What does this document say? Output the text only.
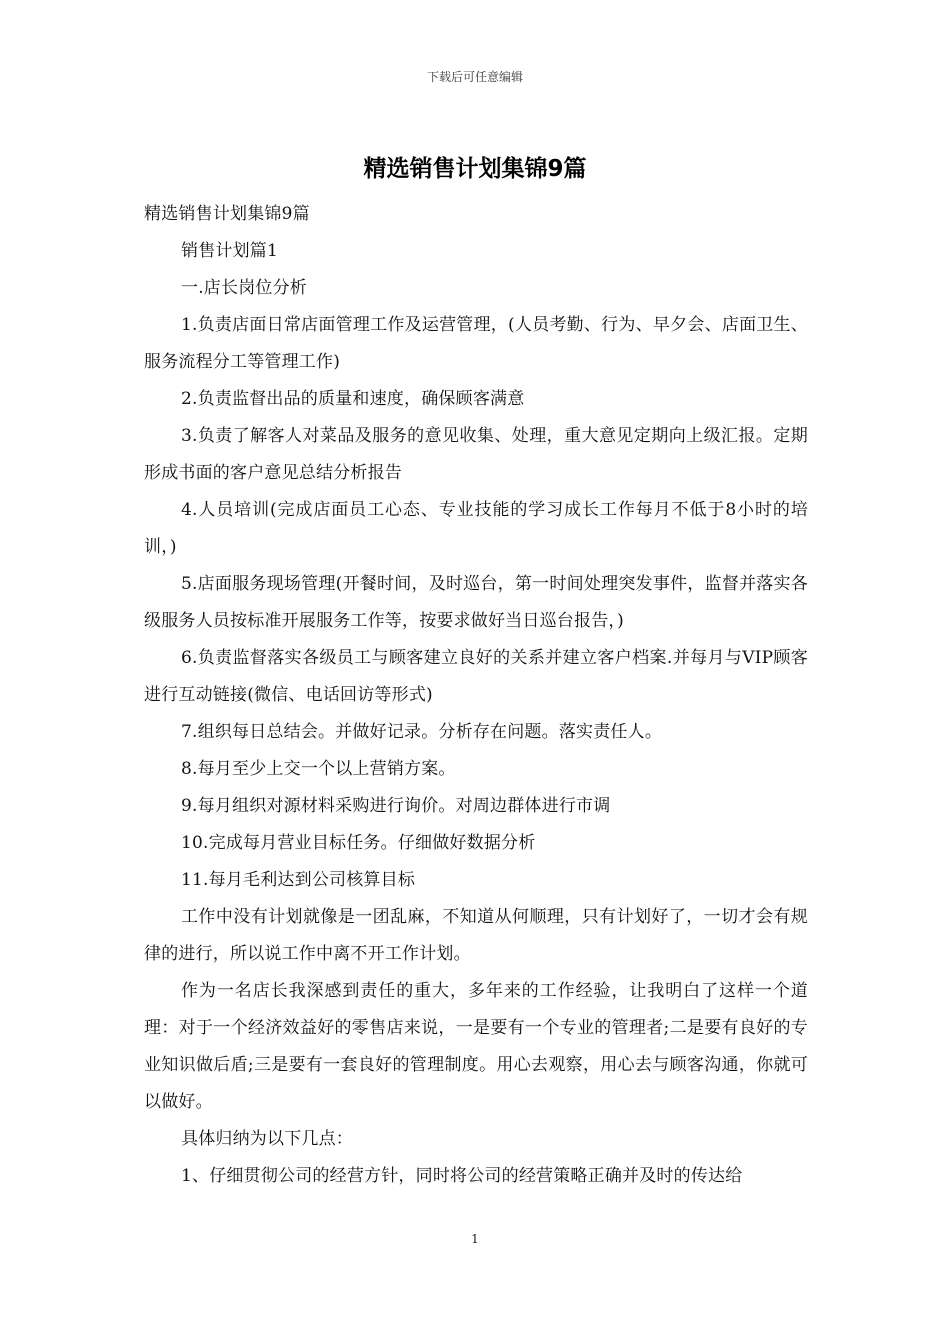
下载后可任意编辑
精选销售计划集锦9篇

精选销售计划集锦9篇

销售计划篇1

一.店长岗位分析

1.负责店面日常店面管理工作及运营管理，(人员考勤、行为、早夕会、店面卫生、服务流程分工等管理工作)

2.负责监督出品的质量和速度，确保顾客满意

3.负责了解客人对菜品及服务的意见收集、处理，重大意见定期向上级汇报。定期形成书面的客户意见总结分析报告

4.人员培训(完成店面员工心态、专业技能的学习成长工作每月不低于8小时的培训，)

5.店面服务现场管理(开餐时间，及时巡台，第一时间处理突发事件，监督并落实各级服务人员按标准开展服务工作等，按要求做好当日巡台报告，)

6.负责监督落实各级员工与顾客建立良好的关系并建立客户档案.并每月与VIP顾客进行互动链接(微信、电话回访等形式)

7.组织每日总结会。并做好记录。分析存在问题。落实责任人。

8.每月至少上交一个以上营销方案。

9.每月组织对源材料采购进行询价。对周边群体进行市调

10.完成每月营业目标任务。仔细做好数据分析

11.每月毛利达到公司核算目标

工作中没有计划就像是一团乱麻，不知道从何顺理，只有计划好了，一切才会有规律的进行，所以说工作中离不开工作计划。

作为一名店长我深感到责任的重大，多年来的工作经验，让我明白了这样一个道理：对于一个经济效益好的零售店来说，一是要有一个专业的管理者;二是要有良好的专业知识做后盾;三是要有一套良好的管理制度。用心去观察，用心去与顾客沟通，你就可以做好。

具体归纳为以下几点：

1、仔细贯彻公司的经营方针，同时将公司的经营策略正确并及时的传达给

1
